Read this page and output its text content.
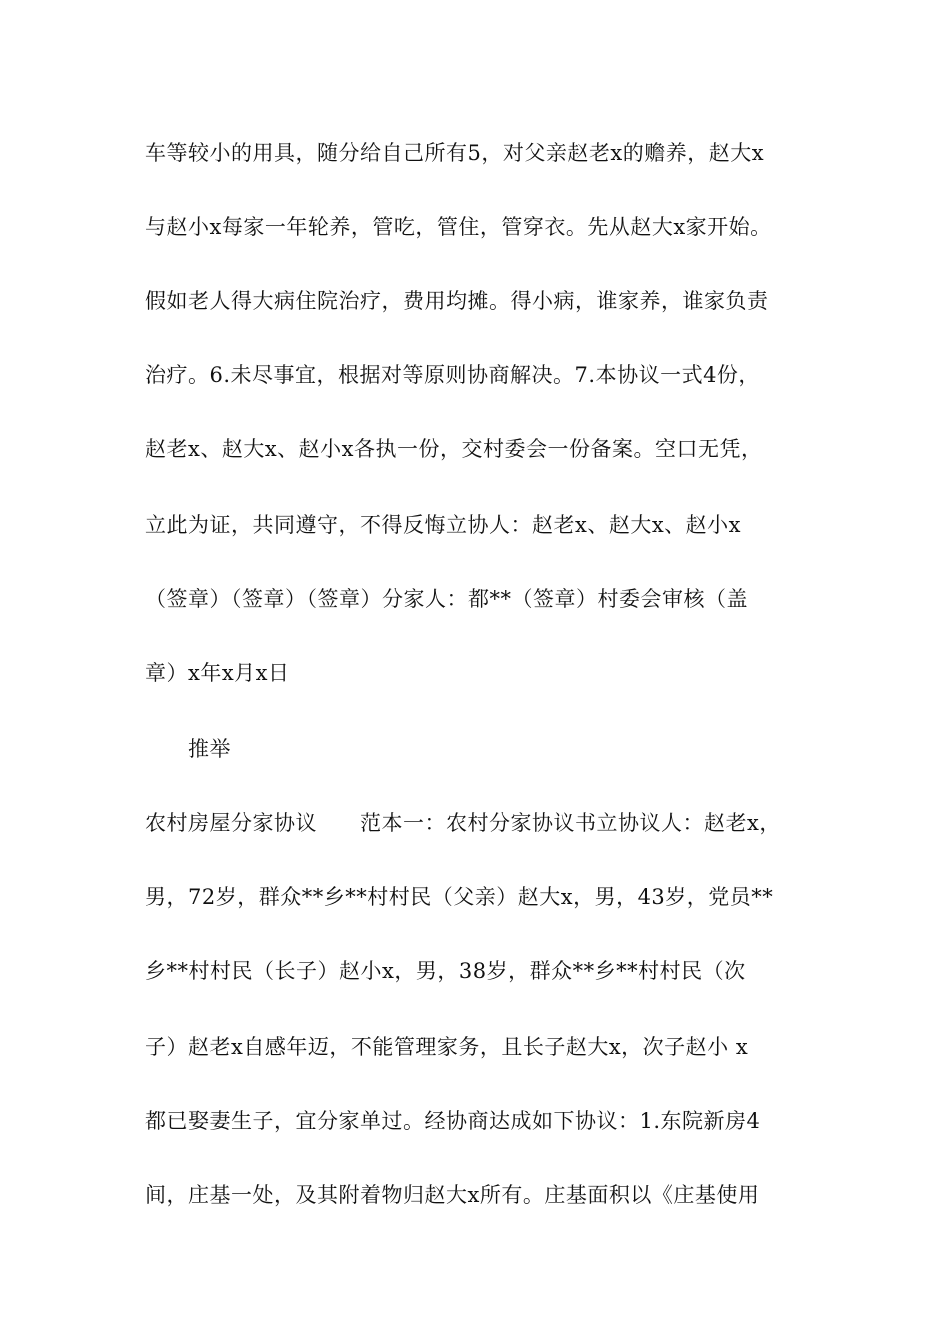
车等较小的用具，随分给自己所有5，对父亲赵老x的赡养，赵大x
与赵小x每家一年轮养，管吃，管住，管穿衣。先从赵大x家开始。
假如老人得大病住院治疗，费用均摊。得小病，谁家养，谁家负责
治疗。6.未尽事宜，根据对等原则协商解决。7.本协议一式4份，
赵老x、赵大x、赵小x各执一份，交村委会一份备案。空口无凭，
立此为证，共同遵守，不得反悔立协人：赵老x、赵大x、赵小x
（签章）（签章）（签章）分家人：都**（签章）村委会审核（盖
章）x年x月x日
推举
农村房屋分家协议　　范本一：农村分家协议书立协议人：赵老x，
男，72岁，群众**乡**村村民（父亲）赵大x，男，43岁，党员**
乡**村村民（长子）赵小x，男，38岁，群众**乡**村村民（次
子）赵老x自感年迈，不能管理家务，且长子赵大x，次子赵小 x
都已娶妻生子，宜分家单过。经协商达成如下协议：1.东院新房4
间，庄基一处，及其附着物归赵大x所有。庄基面积以《庄基使用
